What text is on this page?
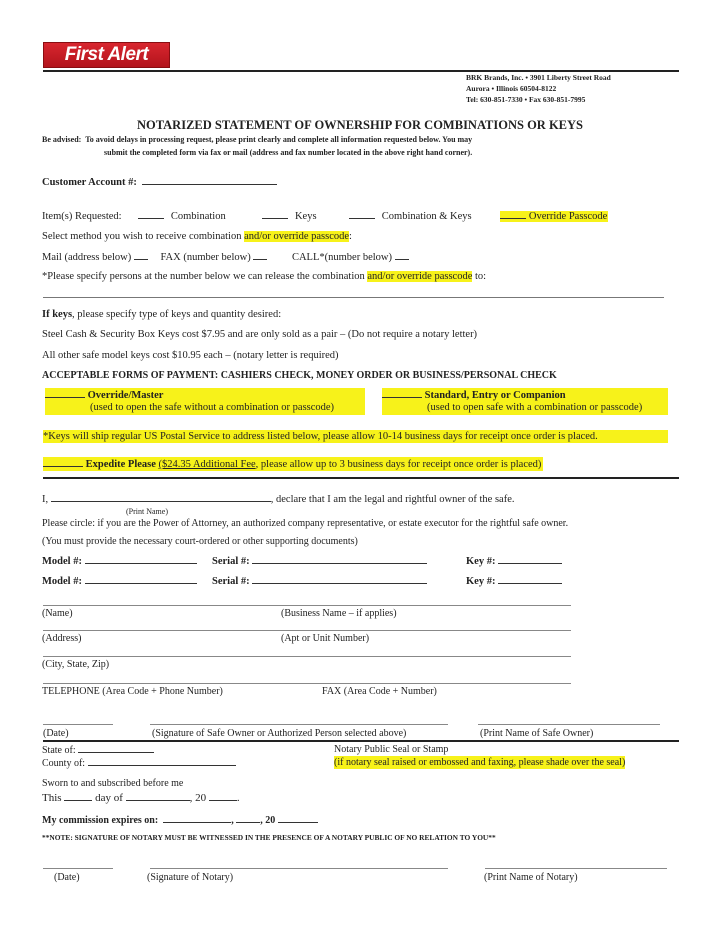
First Alert
BRK Brands, Inc. • 3901 Liberty Street Road
Aurora • Illinois 60504-8122
Tel: 630-851-7330 • Fax 630-851-7995
NOTARIZED STATEMENT OF OWNERSHIP FOR COMBINATIONS OR KEYS
Be advised: To avoid delays in processing request, please print clearly and complete all information requested below. You may
submit the completed form via fax or mail (address and fax number located in the above right hand corner).
Customer Account #:
Item(s) Requested:	Combination	Keys	Combination & Keys	Override Passcode
Select method you wish to receive combination and/or override passcode:
Mail (address below)	FAX (number below)	CALL*(number below)
*Please specify persons at the number below we can release the combination and/or override passcode to:
If keys, please specify type of keys and quantity desired:
Steel Cash & Security Box Keys cost $7.95 and are only sold as a pair – (Do not require a notary letter)
All other safe model keys cost $10.95 each – (notary letter is required)
ACCEPTABLE FORMS OF PAYMENT: CASHIERS CHECK, MONEY ORDER OR BUSINESS/PERSONAL CHECK
Override/Master
(used to open the safe without a combination or passcode)
Standard, Entry or Companion
(used to open safe with a combination or passcode)
*Keys will ship regular US Postal Service to address listed below, please allow 10-14 business days for receipt once order is placed.
Expedite Please ($24.35 Additional Fee, please allow up to 3 business days for receipt once order is placed)
I,	, declare that I am the legal and rightful owner of the safe.
(Print Name)
Please circle: if you are the Power of Attorney, an authorized company representative, or estate executor for the rightful safe owner.
(You must provide the necessary court-ordered or other supporting documents)
Model #:	Serial #:	Key #:
Model #:	Serial #:	Key #:
(Name)	(Business Name – if applies)
(Address)	(Apt or Unit Number)
(City, State, Zip)
TELEPHONE (Area Code + Phone Number)	FAX (Area Code + Number)
(Date)	(Signature of Safe Owner or Authorized Person selected above)	(Print Name of Safe Owner)
State of:
County of:
Notary Public Seal or Stamp
(if notary seal raised or embossed and faxing, please shade over the seal)
Sworn to and subscribed before me
This	day of	, 20	.
My commission expires on:	, , 20
**NOTE: SIGNATURE OF NOTARY MUST BE WITNESSED IN THE PRESENCE OF A NOTARY PUBLIC OF NO RELATION TO YOU**
(Date)	(Signature of Notary)	(Print Name of Notary)
